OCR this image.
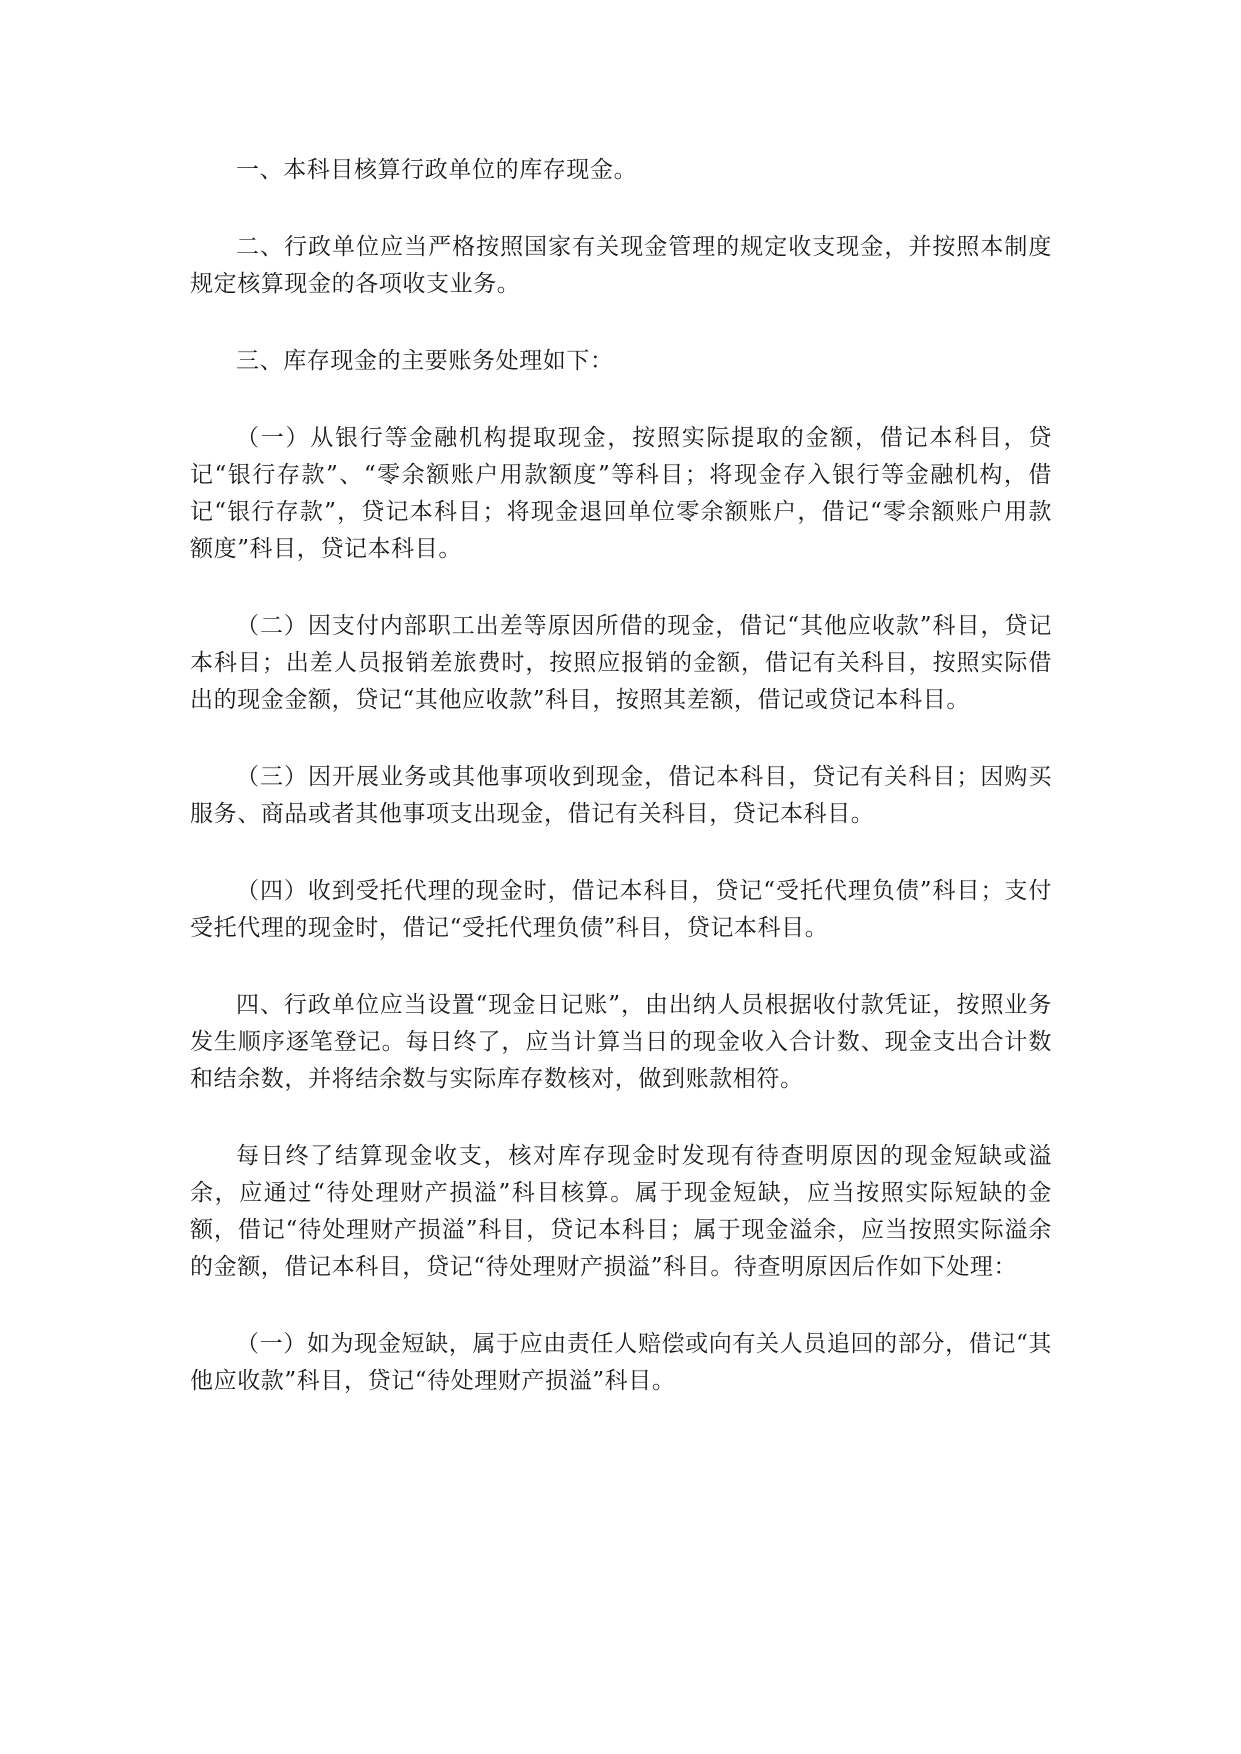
一、本科目核算行政单位的库存现金。

二、行政单位应当严格按照国家有关现金管理的规定收支现金，并按照本制度规定核算现金的各项收支业务。

三、库存现金的主要账务处理如下：

（一）从银行等金融机构提取现金，按照实际提取的金额，借记本科目，贷记“银行存款”、“零余额账户用款额度”等科目；将现金存入银行等金融机构，借记“银行存款”，贷记本科目；将现金退回单位零余额账户，借记“零余额账户用款额度”科目，贷记本科目。

（二）因支付内部职工出差等原因所借的现金，借记“其他应收款”科目，贷记本科目；出差人员报销差旅费时，按照应报销的金额，借记有关科目，按照实际借出的现金金额，贷记“其他应收款”科目，按照其差额，借记或贷记本科目。

（三）因开展业务或其他事项收到现金，借记本科目，贷记有关科目；因购买服务、商品或者其他事项支出现金，借记有关科目，贷记本科目。

（四）收到受托代理的现金时，借记本科目，贷记“受托代理负债”科目；支付受托代理的现金时，借记“受托代理负债”科目，贷记本科目。

四、行政单位应当设置“现金日记账”，由出纳人员根据收付款凭证，按照业务发生顺序逐笔登记。每日终了，应当计算当日的现金收入合计数、现金支出合计数和结余数，并将结余数与实际库存数核对，做到账款相符。

每日终了结算现金收支，核对库存现金时发现有待查明原因的现金短缺或溢余，应通过“待处理财产损溢”科目核算。属于现金短缺，应当按照实际短缺的金额，借记“待处理财产损溢”科目，贷记本科目；属于现金溢余，应当按照实际溢余的金额，借记本科目，贷记“待处理财产损溢”科目。待查明原因后作如下处理：

（一）如为现金短缺，属于应由责任人赔偿或向有关人员追回的部分，借记“其他应收款”科目，贷记“待处理财产损溢”科目。
